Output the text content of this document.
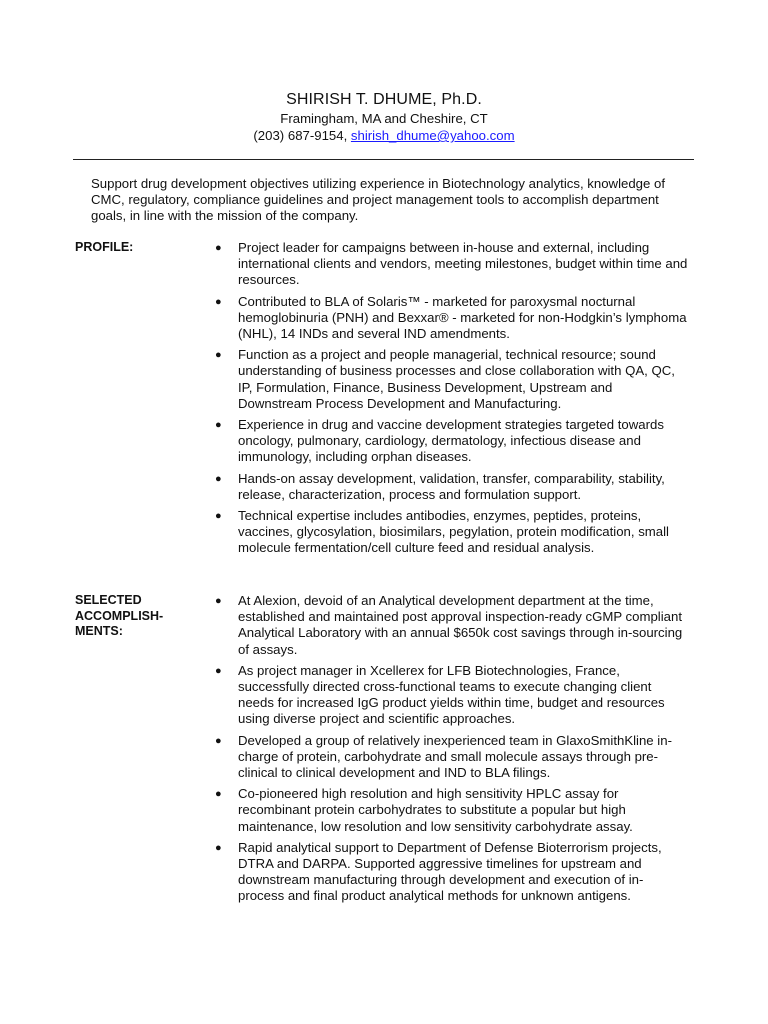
SHIRISH T. DHUME, Ph.D.
Framingham, MA and Cheshire, CT
(203) 687-9154, shirish_dhume@yahoo.com
Support drug development objectives utilizing experience in Biotechnology analytics, knowledge of CMC, regulatory, compliance guidelines and project management tools to accomplish department goals, in line with the mission of the company.
PROFILE:	● Project leader for campaigns between in-house and external, including international clients and vendors, meeting milestones, budget within time and resources.
● Contributed to BLA of Solaris™ - marketed for paroxysmal nocturnal hemoglobinuria (PNH) and Bexxar® - marketed for non-Hodgkin’s lymphoma (NHL), 14 INDs and several IND amendments.
● Function as a project and people managerial, technical resource; sound understanding of business processes and close collaboration with QA, QC, IP, Formulation, Finance, Business Development, Upstream and Downstream Process Development and Manufacturing.
● Experience in drug and vaccine development strategies targeted towards oncology, pulmonary, cardiology, dermatology, infectious disease and immunology, including orphan diseases.
● Hands-on assay development, validation, transfer, comparability, stability, release, characterization, process and formulation support.
● Technical expertise includes antibodies, enzymes, peptides, proteins, vaccines, glycosylation, biosimilars, pegylation, protein modification, small molecule fermentation/cell culture feed and residual analysis.
SELECTED
ACCOMPLISH-
MENTS:
● At Alexion, devoid of an Analytical development department at the time, established and maintained post approval inspection-ready cGMP compliant Analytical Laboratory with an annual $650k cost savings through in-sourcing of assays.
● As project manager in Xcellerex for LFB Biotechnologies, France, successfully directed cross-functional teams to execute changing client needs for increased IgG product yields within time, budget and resources using diverse project and scientific approaches.
● Developed a group of relatively inexperienced team in GlaxoSmithKline in-charge of protein, carbohydrate and small molecule assays through pre-clinical to clinical development and IND to BLA filings.
● Co-pioneered high resolution and high sensitivity HPLC assay for recombinant protein carbohydrates to substitute a popular but high maintenance, low resolution and low sensitivity carbohydrate assay.
● Rapid analytical support to Department of Defense Bioterrorism projects, DTRA and DARPA. Supported aggressive timelines for upstream and downstream manufacturing through development and execution of in-process and final product analytical methods for unknown antigens.
